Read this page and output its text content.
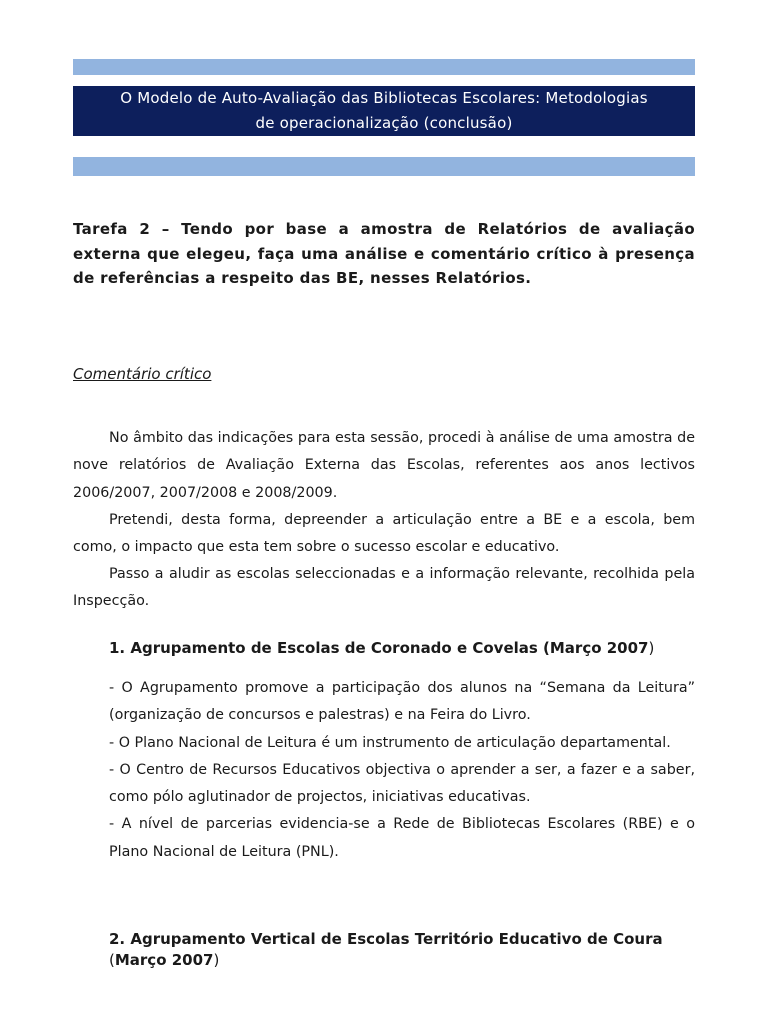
O Modelo de Auto-Avaliação das Bibliotecas Escolares: Metodologias
de operacionalização (conclusão)
Tarefa 2 – Tendo por base a amostra de Relatórios de avaliação externa que elegeu, faça uma análise e comentário crítico à presença de referências a respeito das BE, nesses Relatórios.
Comentário crítico
No âmbito das indicações para esta sessão, procedi à análise de uma amostra de nove relatórios de Avaliação Externa das Escolas, referentes aos anos lectivos 2006/2007, 2007/2008 e 2008/2009.
Pretendi, desta forma, depreender a articulação entre a BE e a escola, bem como, o impacto que esta tem sobre o sucesso escolar e educativo.
Passo a aludir as escolas seleccionadas e a informação relevante, recolhida pela Inspecção.
1. Agrupamento de Escolas de Coronado e Covelas (Março 2007)

- O Agrupamento promove a participação dos alunos na “Semana da Leitura” (organização de concursos e palestras) e na Feira do Livro.

- O Plano Nacional de Leitura é um instrumento de articulação departamental.

- O Centro de Recursos Educativos objectiva o aprender a ser, a fazer e a saber, como pólo aglutinador de projectos, iniciativas educativas.

- A nível de parcerias evidencia-se a Rede de Bibliotecas Escolares (RBE) e o Plano Nacional de Leitura (PNL).

2. Agrupamento Vertical de Escolas Território Educativo de Coura
(Março 2007)
